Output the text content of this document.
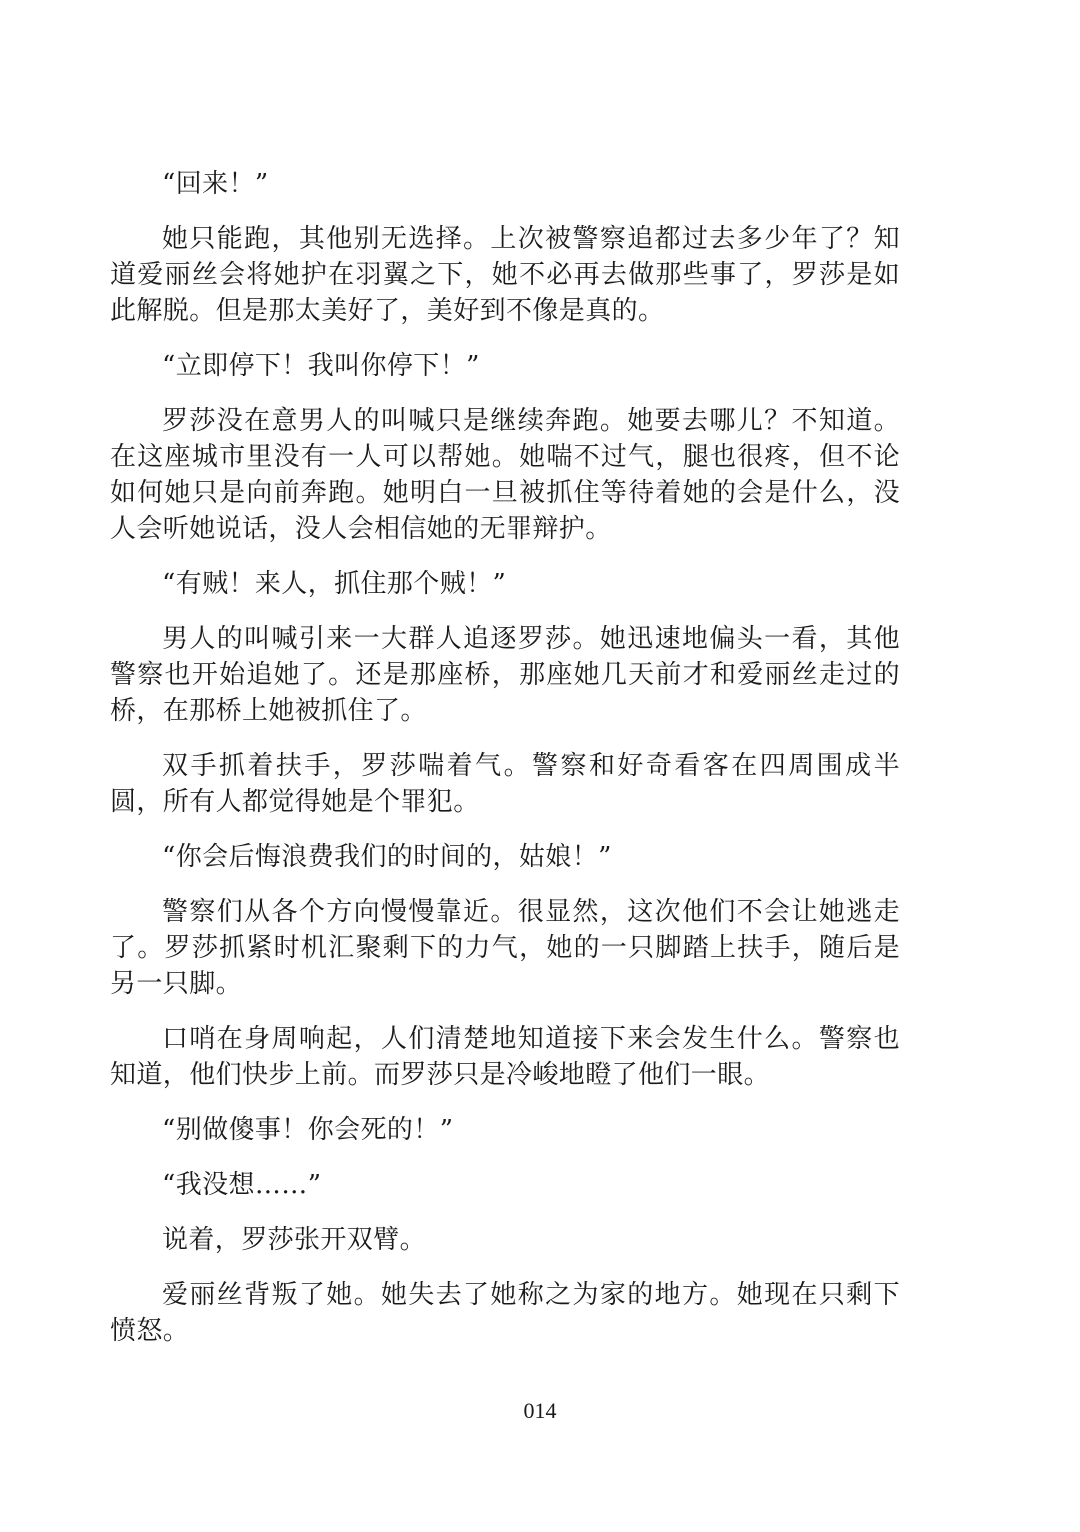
“回来！”

她只能跑，其他别无选择。上次被警察追都过去多少年了？知道爱丽丝会将她护在羽翼之下，她不必再去做那些事了，罗莎是如此解脱。但是那太美好了，美好到不像是真的。

“立即停下！我叫你停下！”

罗莎没在意男人的叫喊只是继续奔跑。她要去哪儿？不知道。在这座城市里没有一人可以帮她。她喘不过气，腿也很疼，但不论如何她只是向前奔跑。她明白一旦被抓住等待着她的会是什么，没人会听她说话，没人会相信她的无罪辩护。

“有贼！来人，抓住那个贼！”

男人的叫喊引来一大群人追逐罗莎。她迅速地偏头一看，其他警察也开始追她了。还是那座桥，那座她几天前才和爱丽丝走过的桥，在那桥上她被抓住了。

双手抓着扶手，罗莎喘着气。警察和好奇看客在四周围成半圆，所有人都觉得她是个罪犯。

“你会后悔浪费我们的时间的，姑娘！”

警察们从各个方向慢慢靠近。很显然，这次他们不会让她逃走了。罗莎抓紧时机汇聚剩下的力气，她的一只脚踏上扶手，随后是另一只脚。

口哨在身周响起，人们清楚地知道接下来会发生什么。警察也知道，他们快步上前。而罗莎只是冷峻地瞪了他们一眼。

“别做傻事！你会死的！”

“我没想……”

说着，罗莎张开双臂。

爱丽丝背叛了她。她失去了她称之为家的地方。她现在只剩下愤怒。

014
